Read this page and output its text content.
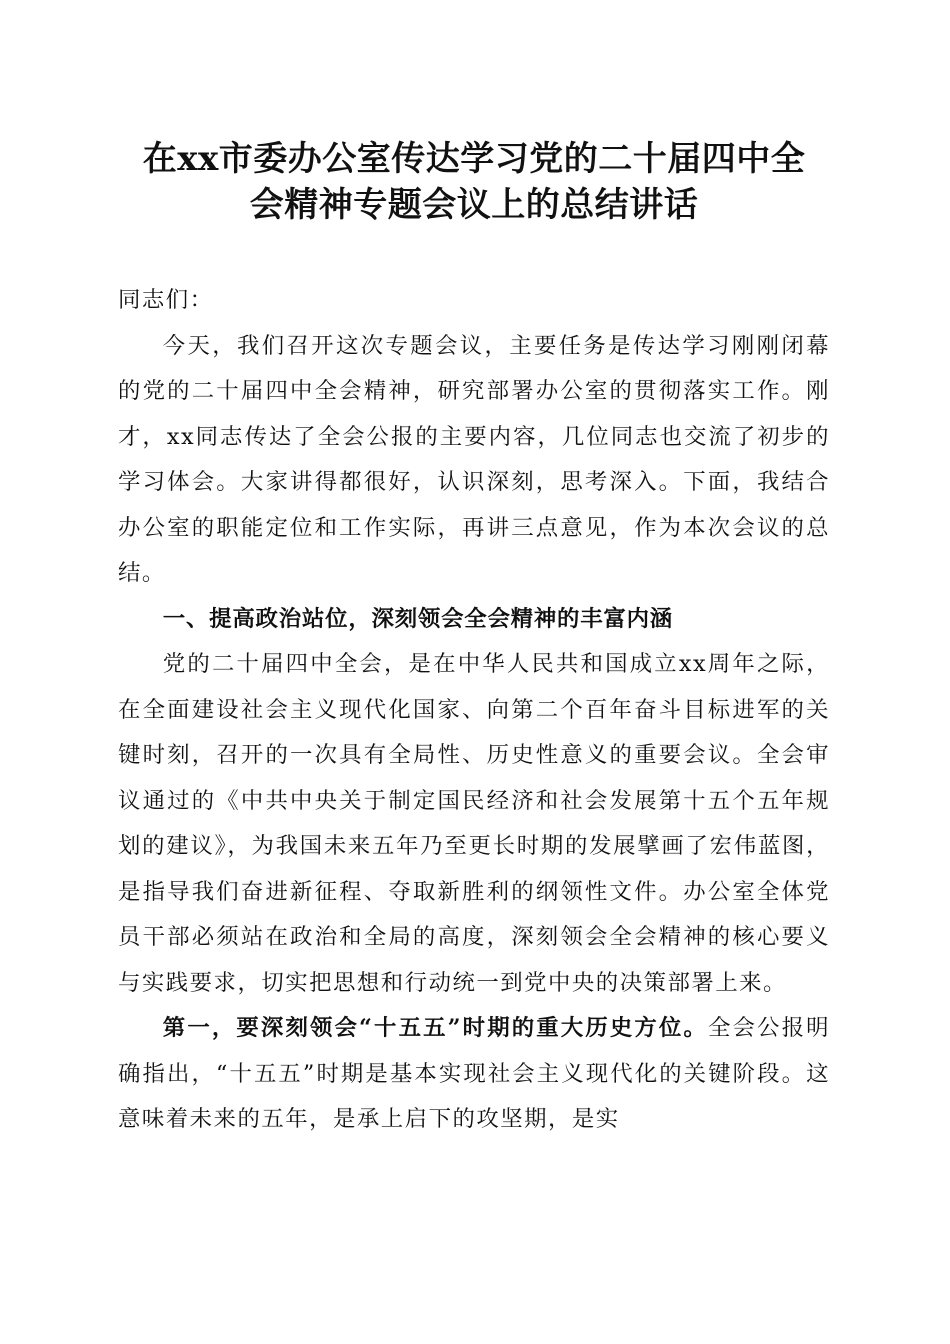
在xx市委办公室传达学习党的二十届四中全
会精神专题会议上的总结讲话

同志们：

今天，我们召开这次专题会议，主要任务是传达学习刚刚闭幕的党的二十届四中全会精神，研究部署办公室的贯彻落实工作。刚才，xx同志传达了全会公报的主要内容，几位同志也交流了初步的学习体会。大家讲得都很好，认识深刻，思考深入。下面，我结合办公室的职能定位和工作实际，再讲三点意见，作为本次会议的总结。

一、提高政治站位，深刻领会全会精神的丰富内涵

党的二十届四中全会，是在中华人民共和国成立xx周年之际，在全面建设社会主义现代化国家、向第二个百年奋斗目标进军的关键时刻，召开的一次具有全局性、历史性意义的重要会议。全会审议通过的《中共中央关于制定国民经济和社会发展第十五个五年规划的建议》，为我国未来五年乃至更长时期的发展擘画了宏伟蓝图，是指导我们奋进新征程、夺取新胜利的纲领性文件。办公室全体党员干部必须站在政治和全局的高度，深刻领会全会精神的核心要义与实践要求，切实把思想和行动统一到党中央的决策部署上来。

第一，要深刻领会“十五五”时期的重大历史方位。全会公报明确指出，“十五五”时期是基本实现社会主义现代化的关键阶段。这意味着未来的五年，是承上启下的攻坚期，是实
